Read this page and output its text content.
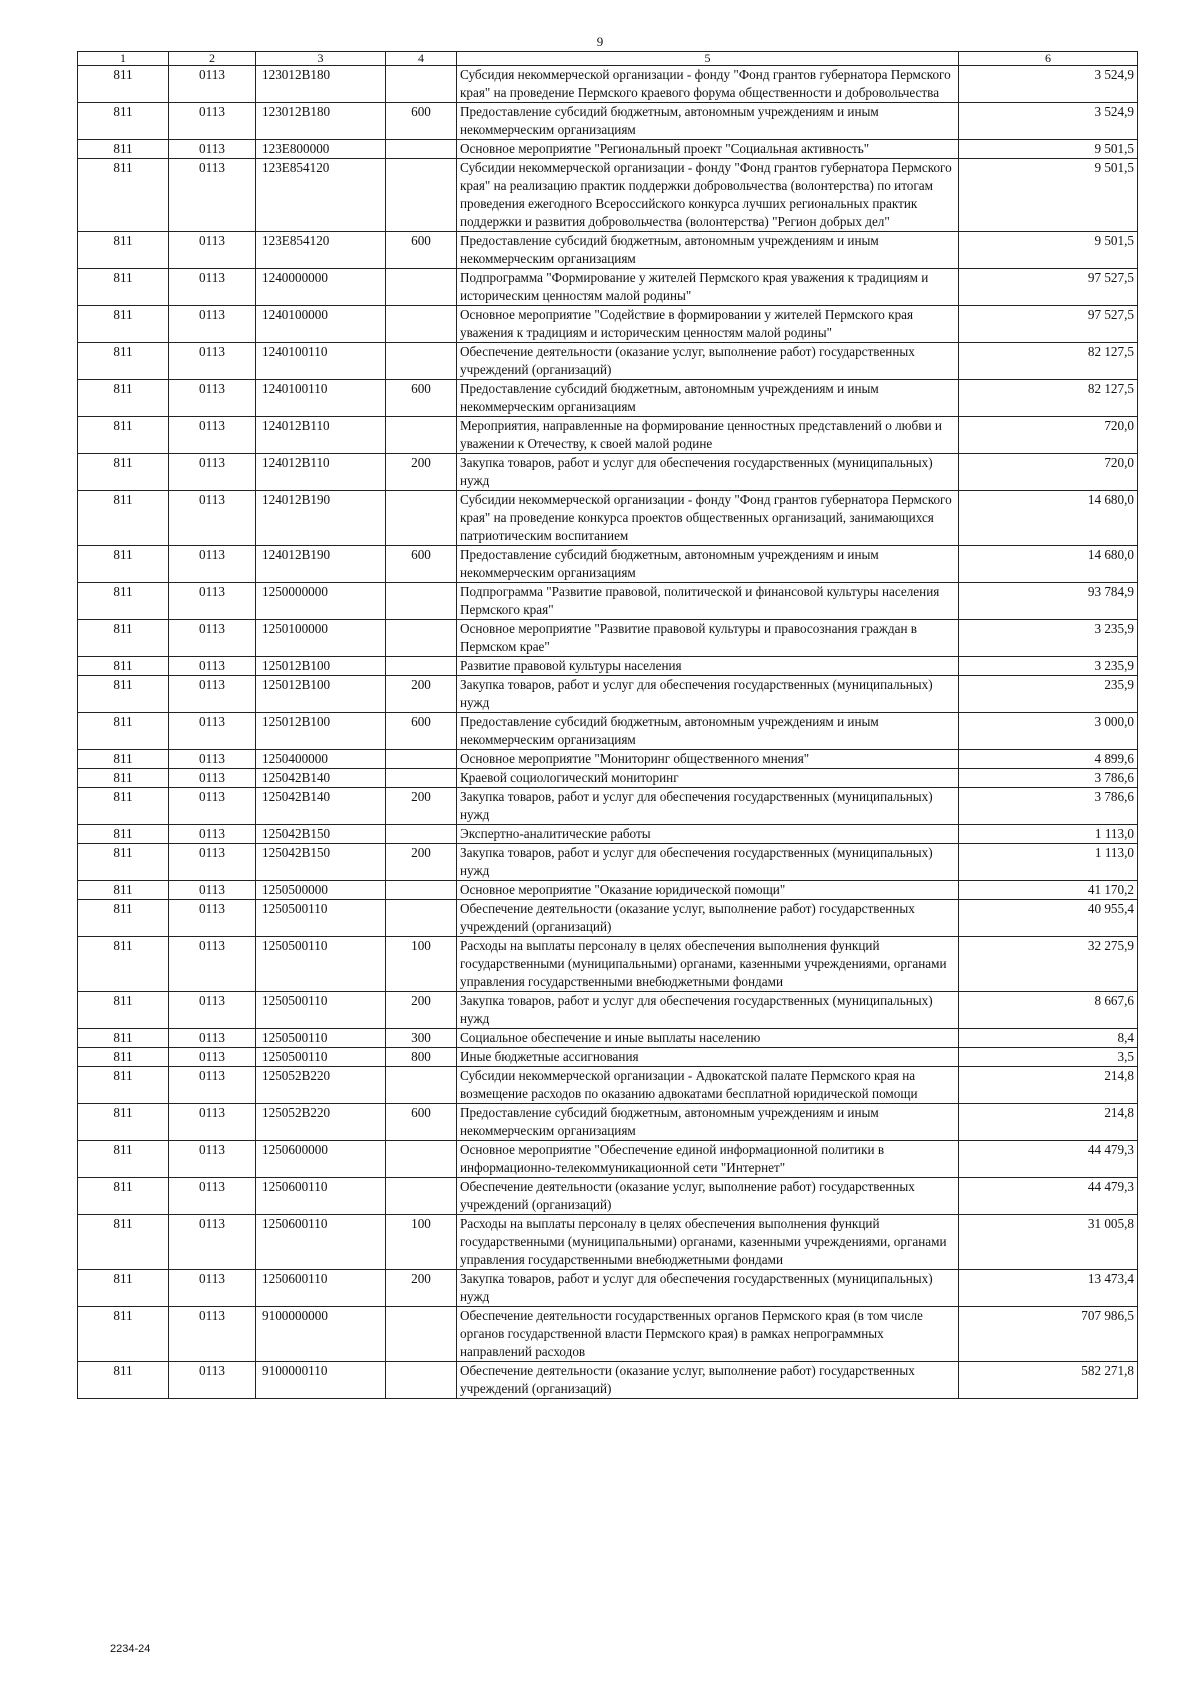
9
1	2	3	4	5	6
811	0113	123012B180		Субсидия некоммерческой организации - фонду "Фонд грантов губернатора Пермского края" на проведение Пермского краевого форума общественности и добровольчества	3 524,9
811	0113	123012B180	600	Предоставление субсидий бюджетным, автономным учреждениям и иным некоммерческим организациям	3 524,9
811	0113	123E800000		Основное мероприятие "Региональный проект "Социальная активность"	9 501,5
811	0113	123E854120		Субсидии некоммерческой организации - фонду "Фонд грантов губернатора Пермского края" на реализацию практик поддержки добровольчества (волонтерства) по итогам проведения ежегодного Всероссийского конкурса лучших региональных практик поддержки и развития добровольчества (волонтерства) "Регион добрых дел"	9 501,5
811	0113	123E854120	600	Предоставление субсидий бюджетным, автономным учреждениям и иным некоммерческим организациям	9 501,5
811	0113	1240000000		Подпрограмма "Формирование у жителей Пермского края уважения к традициям и историческим ценностям малой родины"	97 527,5
811	0113	1240100000		Основное мероприятие "Содействие в формировании у жителей Пермского края уважения к традициям и историческим ценностям малой родины"	97 527,5
811	0113	1240100110		Обеспечение деятельности (оказание услуг, выполнение работ) государственных учреждений (организаций)	82 127,5
811	0113	1240100110	600	Предоставление субсидий бюджетным, автономным учреждениям и иным некоммерческим организациям	82 127,5
811	0113	124012B110		Мероприятия, направленные на формирование ценностных представлений о любви и уважении к Отечеству, к своей малой родине	720,0
811	0113	124012B110	200	Закупка товаров, работ и услуг для обеспечения государственных (муниципальных) нужд	720,0
811	0113	124012B190		Субсидии некоммерческой организации - фонду "Фонд грантов губернатора Пермского края" на проведение конкурса проектов общественных организаций, занимающихся патриотическим воспитанием	14 680,0
811	0113	124012B190	600	Предоставление субсидий бюджетным, автономным учреждениям и иным некоммерческим организациям	14 680,0
811	0113	1250000000		Подпрограмма "Развитие правовой, политической и финансовой культуры населения Пермского края"	93 784,9
811	0113	1250100000		Основное мероприятие "Развитие правовой культуры и правосознания граждан в Пермском крае"	3 235,9
811	0113	125012B100		Развитие правовой культуры населения	3 235,9
811	0113	125012B100	200	Закупка товаров, работ и услуг для обеспечения государственных (муниципальных) нужд	235,9
811	0113	125012B100	600	Предоставление субсидий бюджетным, автономным учреждениям и иным некоммерческим организациям	3 000,0
811	0113	1250400000		Основное мероприятие "Мониторинг общественного мнения"	4 899,6
811	0113	125042B140		Краевой социологический мониторинг	3 786,6
811	0113	125042B140	200	Закупка товаров, работ и услуг для обеспечения государственных (муниципальных) нужд	3 786,6
811	0113	125042B150		Экспертно-аналитические работы	1 113,0
811	0113	125042B150	200	Закупка товаров, работ и услуг для обеспечения государственных (муниципальных) нужд	1 113,0
811	0113	1250500000		Основное мероприятие "Оказание юридической помощи"	41 170,2
811	0113	1250500110		Обеспечение деятельности (оказание услуг, выполнение работ) государственных учреждений (организаций)	40 955,4
811	0113	1250500110	100	Расходы на выплаты персоналу в целях обеспечения выполнения функций государственными (муниципальными) органами, казенными учреждениями, органами управления государственными внебюджетными фондами	32 275,9
811	0113	1250500110	200	Закупка товаров, работ и услуг для обеспечения государственных (муниципальных) нужд	8 667,6
811	0113	1250500110	300	Социальное обеспечение и иные выплаты населению	8,4
811	0113	1250500110	800	Иные бюджетные ассигнования	3,5
811	0113	125052B220		Субсидии некоммерческой организации - Адвокатской палате Пермского края на возмещение расходов по оказанию адвокатами бесплатной юридической помощи	214,8
811	0113	125052B220	600	Предоставление субсидий бюджетным, автономным учреждениям и иным некоммерческим организациям	214,8
811	0113	1250600000		Основное мероприятие "Обеспечение единой информационной политики в информационно-телекоммуникационной сети "Интернет"	44 479,3
811	0113	1250600110		Обеспечение деятельности (оказание услуг, выполнение работ) государственных учреждений (организаций)	44 479,3
811	0113	1250600110	100	Расходы на выплаты персоналу в целях обеспечения выполнения функций государственными (муниципальными) органами, казенными учреждениями, органами управления государственными внебюджетными фондами	31 005,8
811	0113	1250600110	200	Закупка товаров, работ и услуг для обеспечения государственных (муниципальных) нужд	13 473,4
811	0113	9100000000		Обеспечение деятельности государственных органов Пермского края (в том числе органов государственной власти Пермского края) в рамках непрограммных направлений расходов	707 986,5
811	0113	9100000110		Обеспечение деятельности (оказание услуг, выполнение работ) государственных учреждений (организаций)	582 271,8
2234-24
